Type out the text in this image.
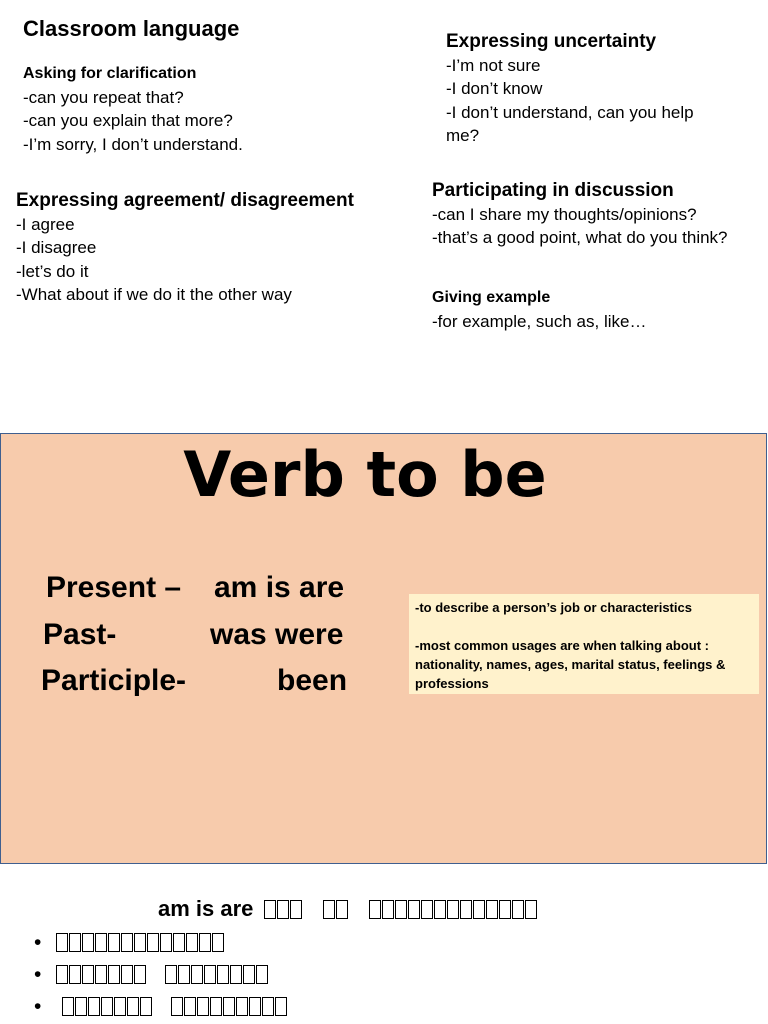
Classroom language
Asking for clarification
-can you repeat that?
-can you explain that more?
-I’m sorry, I don’t understand.
Expressing agreement/ disagreement
-I agree
-I disagree
-let’s do it
-What about if we do it the other way
Expressing uncertainty
-I’m not sure
-I don’t know
-I don’t understand, can you help
me?
Participating in discussion
-can I share my thoughts/opinions?
-that’s a good point, what do you think?
Giving example
-for example, such as, like…
Verb to be
Present – am is are
Past-	was were
Participle-	been
-to describe a person’s job or characteristics
-most common usages are when talking about :
nationality, names, ages, marital status, feelings &
professions
am is are
•
•
•
